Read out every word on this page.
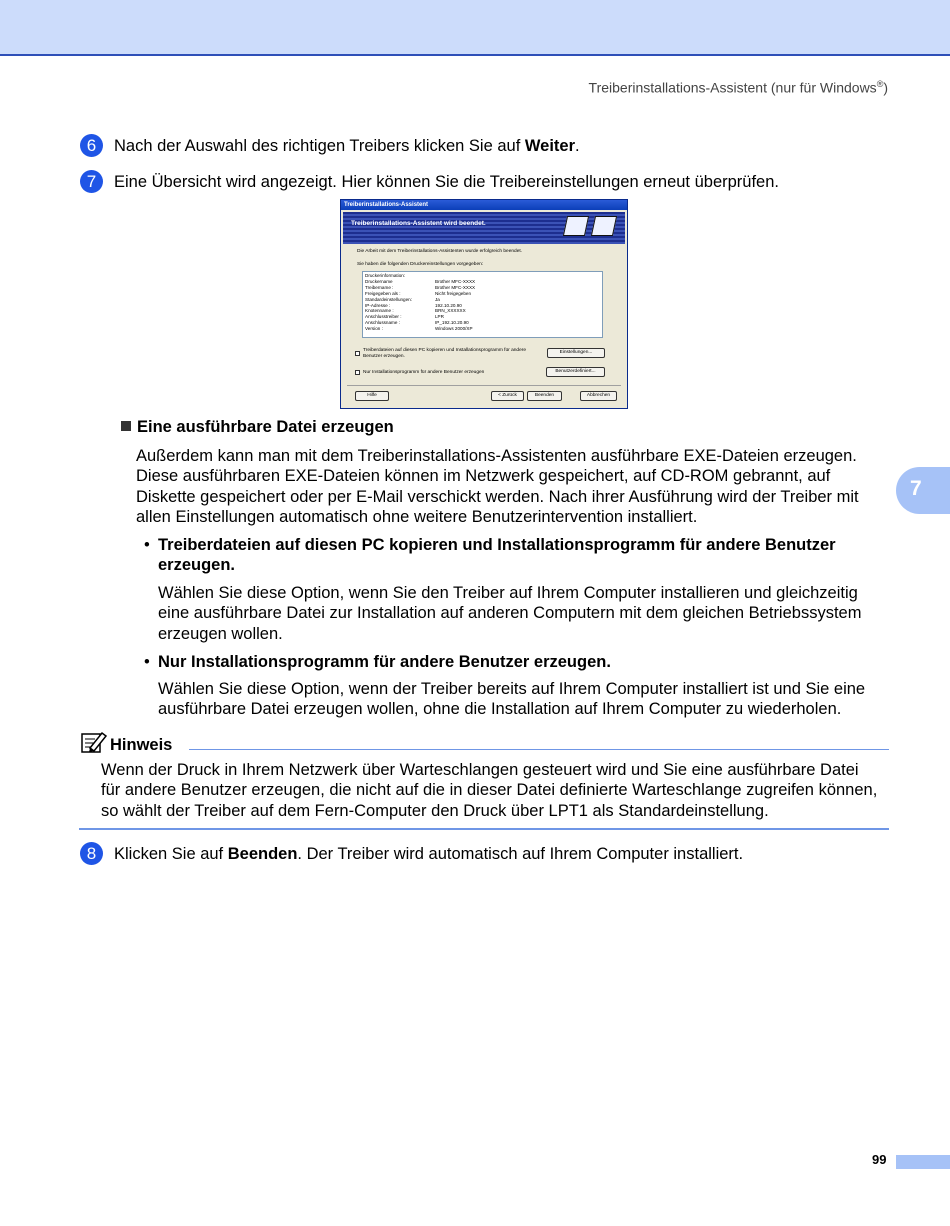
Treiberinstallations-Assistent (nur für Windows®)
7
6	Nach der Auswahl des richtigen Treibers klicken Sie auf Weiter.
7	Eine Übersicht wird angezeigt. Hier können Sie die Treibereinstellungen erneut überprüfen.
Treiberinstallations-Assistent
Treiberinstallations-Assistent wird beendet.
Die Arbeit mit dem Treiberinstallations-Assistenten wurde erfolgreich beendet.
Sie haben die folgenden Druckereinstellungen vorgegeben:
Druckerinformation:
Druckername	Brother MFC-XXXX
Treibername :	Brother MFC-XXXX
Freigegeben als :	Nicht freigegeben
Standardeinstellungen:	Ja
IP-Adresse :	192.10.20.90
Knotenname :	BRN_XXXXXX
Anschlusstreiber :	LPR
Anschlussname :	IP_192.10.20.90
Version :	Windows 2000/XP
Treiberdateien auf diesen PC kopieren und Installationsprogramm für andere Benutzer erzeugen.
Einstellungen...
Nur Installationsprogramm für andere Benutzer erzeugen	Benutzerdefiniert...
Hilfe	< Zurück	Beenden	Abbrechen
Eine ausführbare Datei erzeugen
Außerdem kann man mit dem Treiberinstallations-Assistenten ausführbare EXE-Dateien erzeugen.
Diese ausführbaren EXE-Dateien können im Netzwerk gespeichert, auf CD-ROM gebrannt, auf
Diskette gespeichert oder per E-Mail verschickt werden. Nach ihrer Ausführung wird der Treiber mit
allen Einstellungen automatisch ohne weitere Benutzerintervention installiert.
• Treiberdateien auf diesen PC kopieren und Installationsprogramm für andere Benutzer
erzeugen.
Wählen Sie diese Option, wenn Sie den Treiber auf Ihrem Computer installieren und gleichzeitig
eine ausführbare Datei zur Installation auf anderen Computern mit dem gleichen Betriebssystem
erzeugen wollen.
• Nur Installationsprogramm für andere Benutzer erzeugen.
Wählen Sie diese Option, wenn der Treiber bereits auf Ihrem Computer installiert ist und Sie eine
ausführbare Datei erzeugen wollen, ohne die Installation auf Ihrem Computer zu wiederholen.
Hinweis
Wenn der Druck in Ihrem Netzwerk über Warteschlangen gesteuert wird und Sie eine ausführbare Datei
für andere Benutzer erzeugen, die nicht auf die in dieser Datei definierte Warteschlange zugreifen können,
so wählt der Treiber auf dem Fern-Computer den Druck über LPT1 als Standardeinstellung.
8	Klicken Sie auf Beenden. Der Treiber wird automatisch auf Ihrem Computer installiert.
99
